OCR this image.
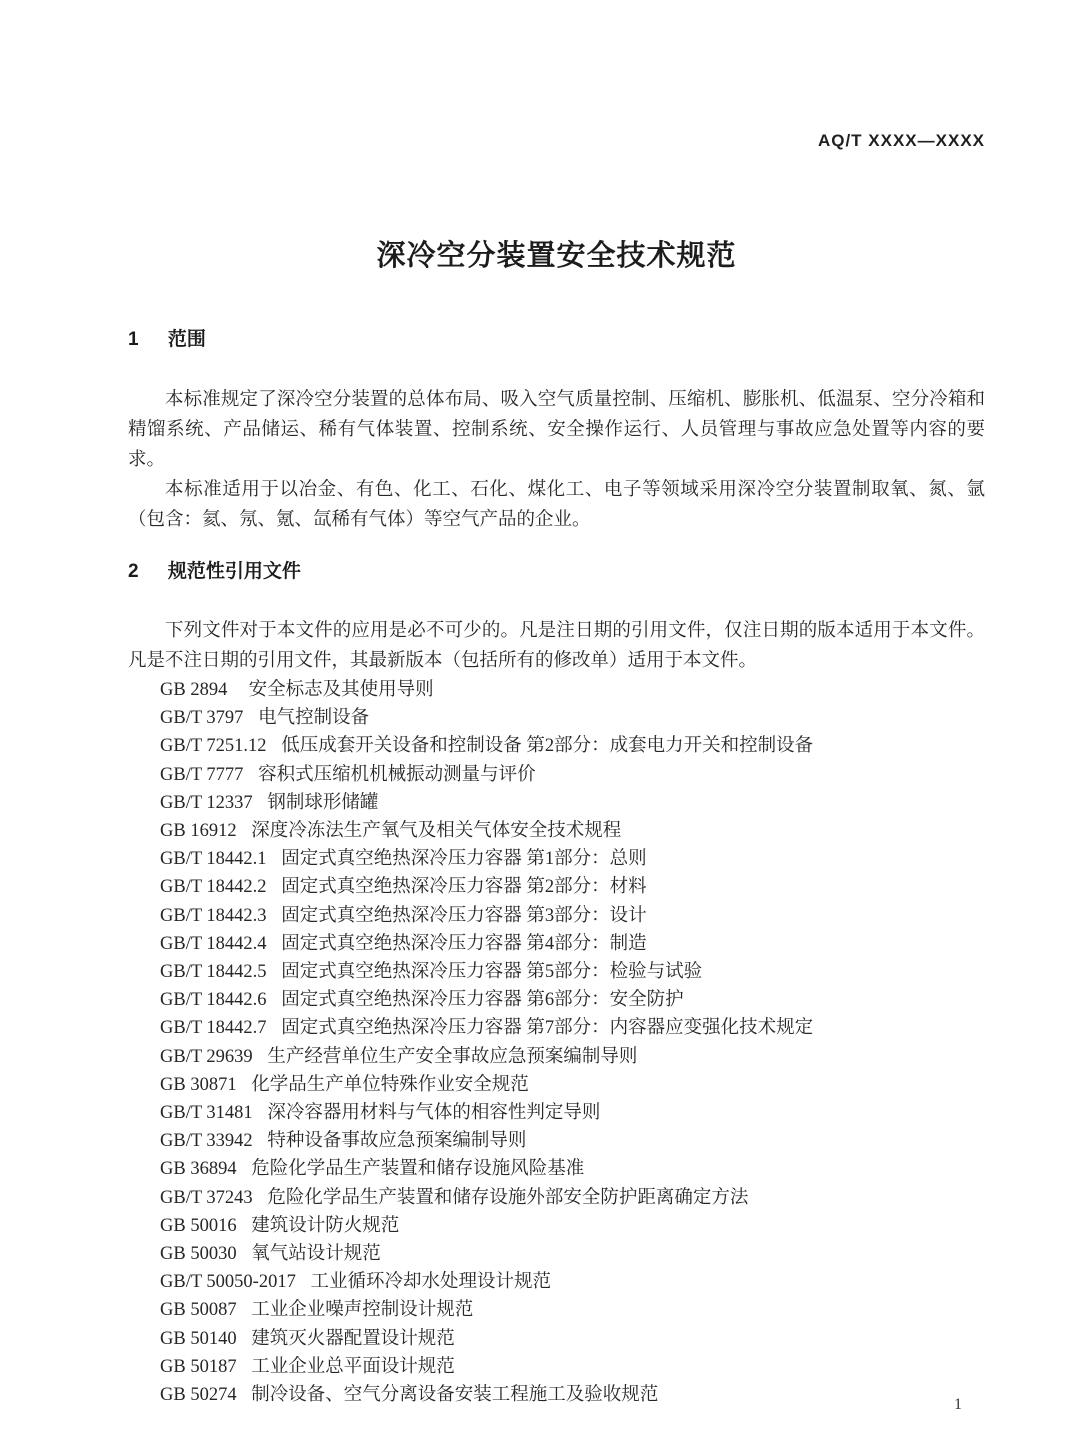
AQ/T XXXX—XXXX
深冷空分装置安全技术规范
1 范围

本标准规定了深冷空分装置的总体布局、吸入空气质量控制、压缩机、膨胀机、低温泵、空分冷箱和精馏系统、产品储运、稀有气体装置、控制系统、安全操作运行、人员管理与事故应急处置等内容的要求。

本标准适用于以冶金、有色、化工、石化、煤化工、电子等领域采用深冷空分装置制取氧、氮、氩（包含：氦、氖、氪、氙稀有气体）等空气产品的企业。

2 规范性引用文件

下列文件对于本文件的应用是必不可少的。凡是注日期的引用文件，仅注日期的版本适用于本文件。凡是不注日期的引用文件，其最新版本（包括所有的修改单）适用于本文件。

GB 2894 安全标志及其使用导则
GB/T 3797 电气控制设备
GB/T 7251.12 低压成套开关设备和控制设备 第2部分：成套电力开关和控制设备
GB/T 7777 容积式压缩机机械振动测量与评价
GB/T 12337 钢制球形储罐
GB 16912 深度冷冻法生产氧气及相关气体安全技术规程
GB/T 18442.1 固定式真空绝热深冷压力容器 第1部分：总则
GB/T 18442.2 固定式真空绝热深冷压力容器 第2部分：材料
GB/T 18442.3 固定式真空绝热深冷压力容器 第3部分：设计
GB/T 18442.4 固定式真空绝热深冷压力容器 第4部分：制造
GB/T 18442.5 固定式真空绝热深冷压力容器 第5部分：检验与试验
GB/T 18442.6 固定式真空绝热深冷压力容器 第6部分：安全防护
GB/T 18442.7 固定式真空绝热深冷压力容器 第7部分：内容器应变强化技术规定
GB/T 29639 生产经营单位生产安全事故应急预案编制导则
GB 30871 化学品生产单位特殊作业安全规范
GB/T 31481 深冷容器用材料与气体的相容性判定导则
GB/T 33942 特种设备事故应急预案编制导则
GB 36894 危险化学品生产装置和储存设施风险基准
GB/T 37243 危险化学品生产装置和储存设施外部安全防护距离确定方法
GB 50016 建筑设计防火规范
GB 50030 氧气站设计规范
GB/T 50050-2017 工业循环冷却水处理设计规范
GB 50087 工业企业噪声控制设计规范
GB 50140 建筑灭火器配置设计规范
GB 50187 工业企业总平面设计规范
GB 50274 制冷设备、空气分离设备安装工程施工及验收规范	1
